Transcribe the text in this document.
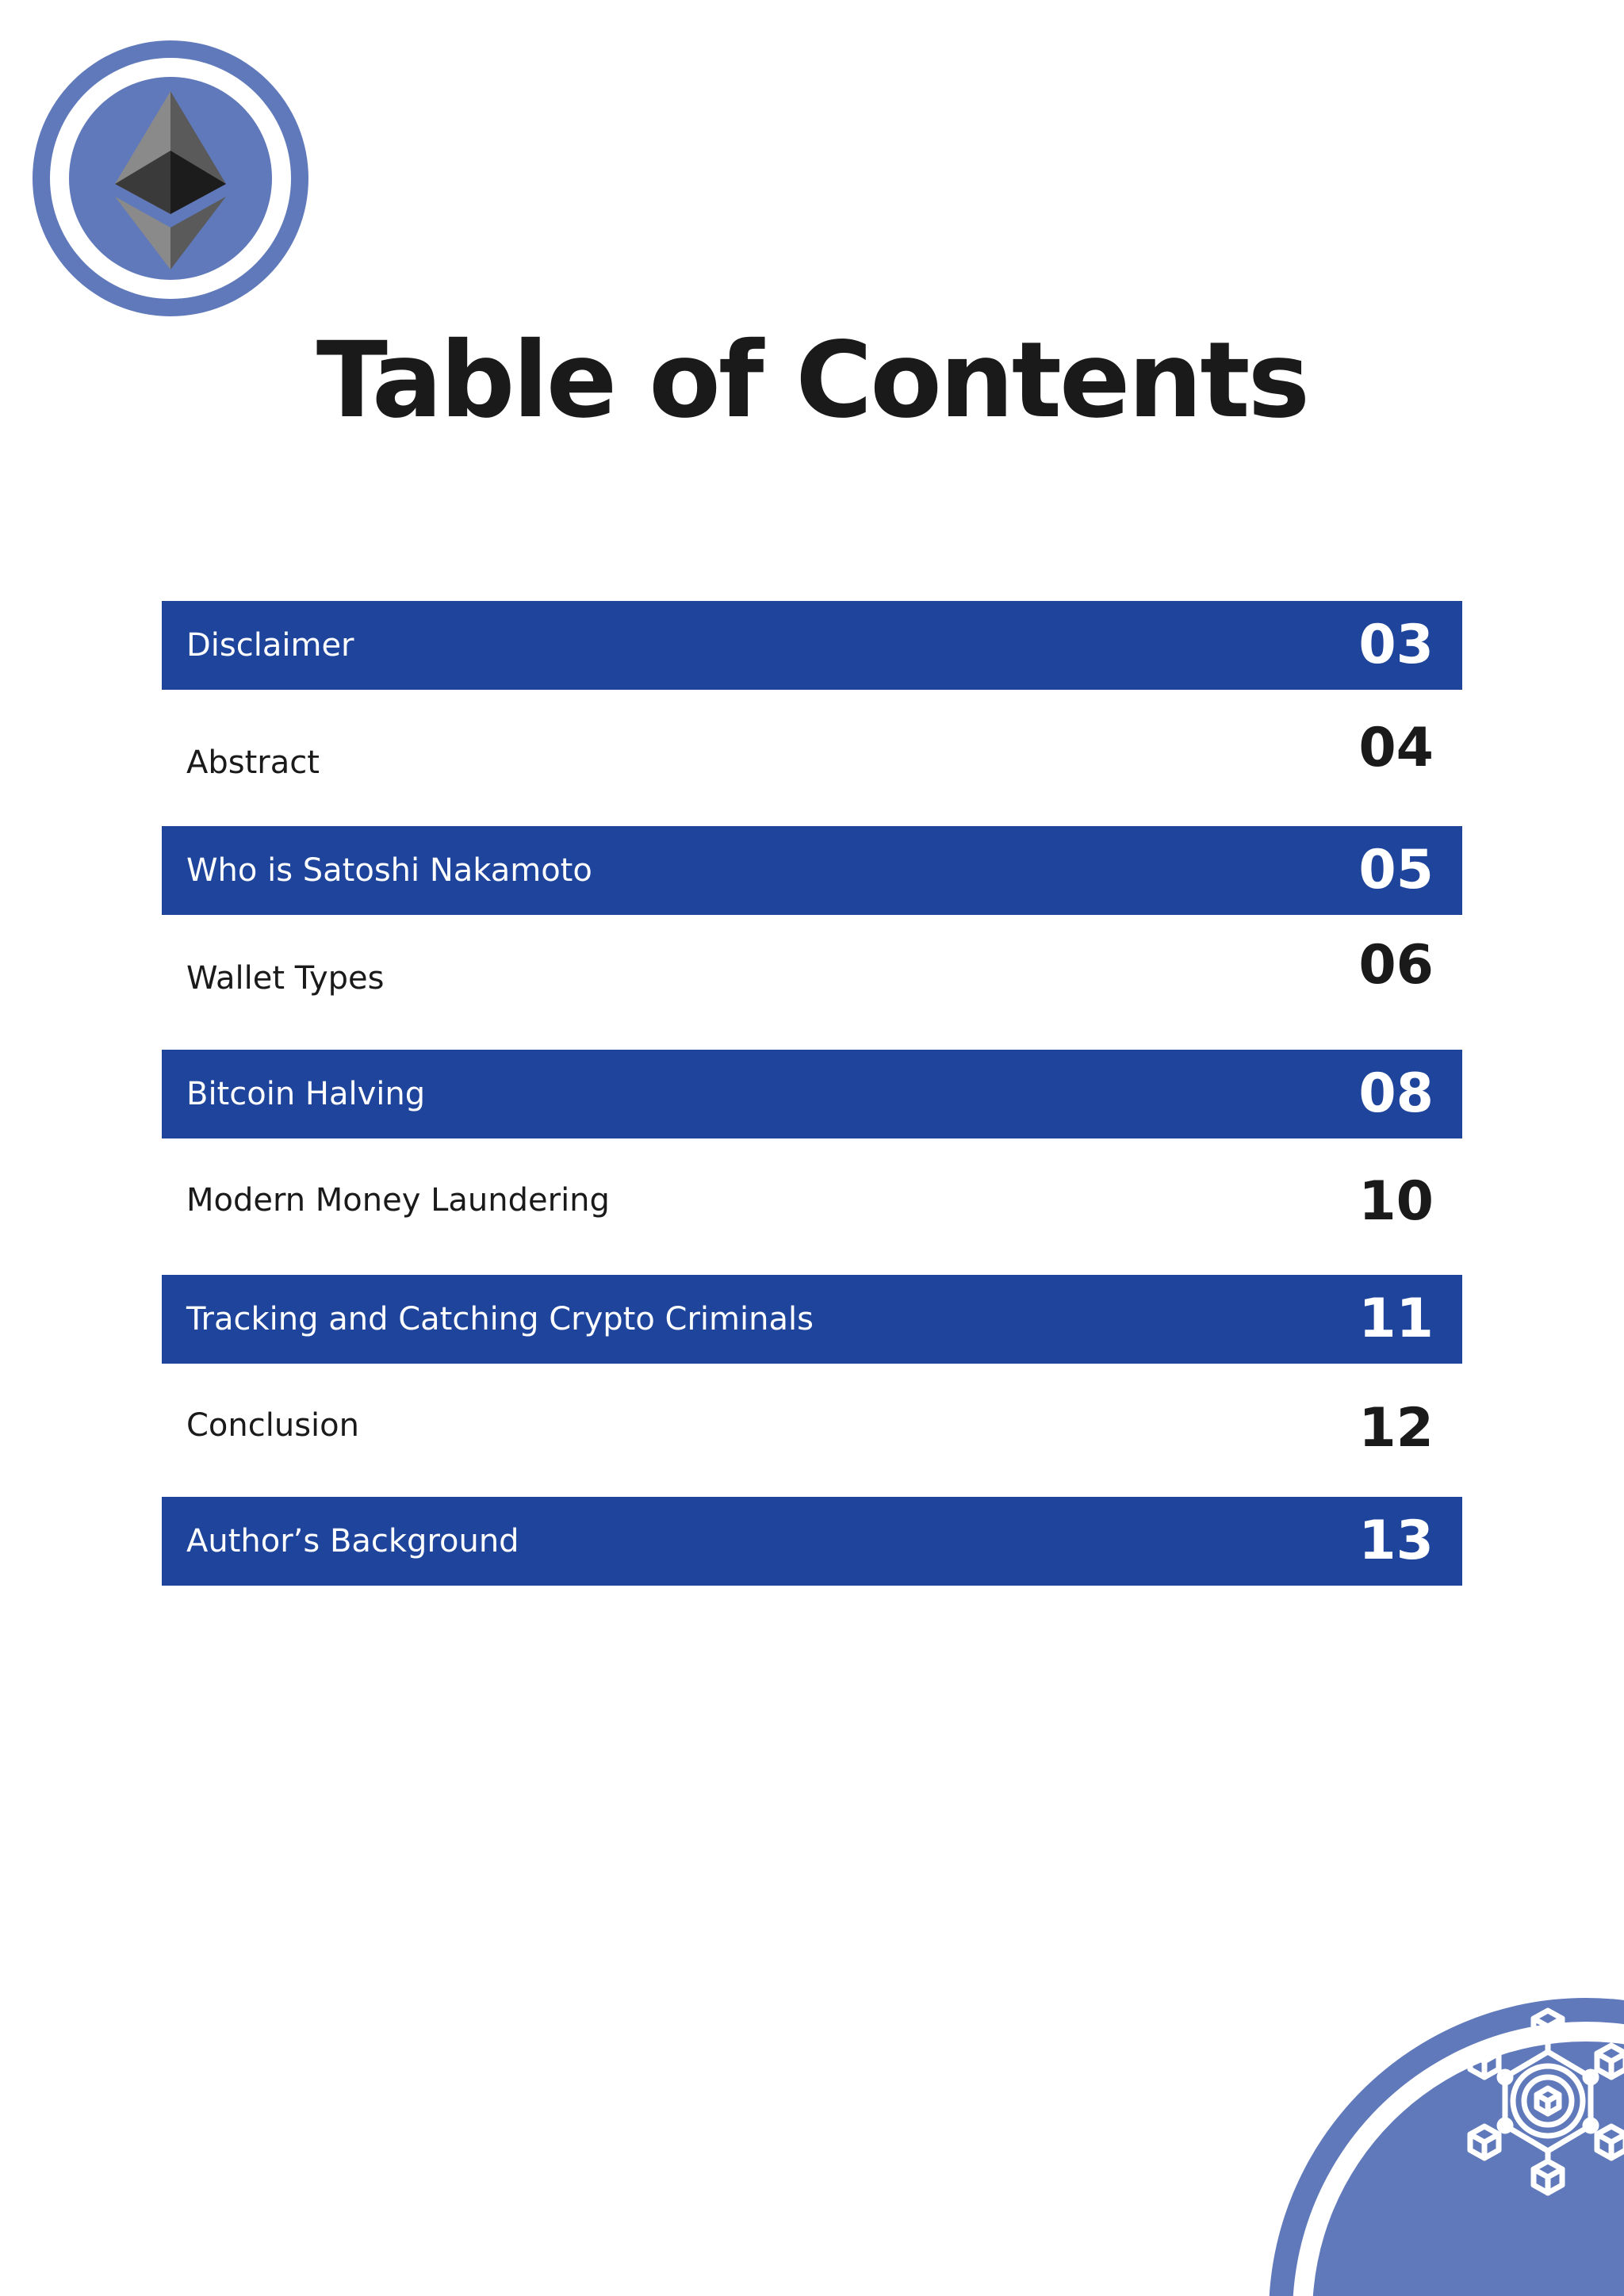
Table of Contents
Disclaimer	03
Abstract	04
Who is Satoshi Nakamoto	05
Wallet Types	06
Bitcoin Halving	08
Modern Money Laundering	10
Tracking and Catching Crypto Criminals	11
Conclusion	12
Author’s Background	13
